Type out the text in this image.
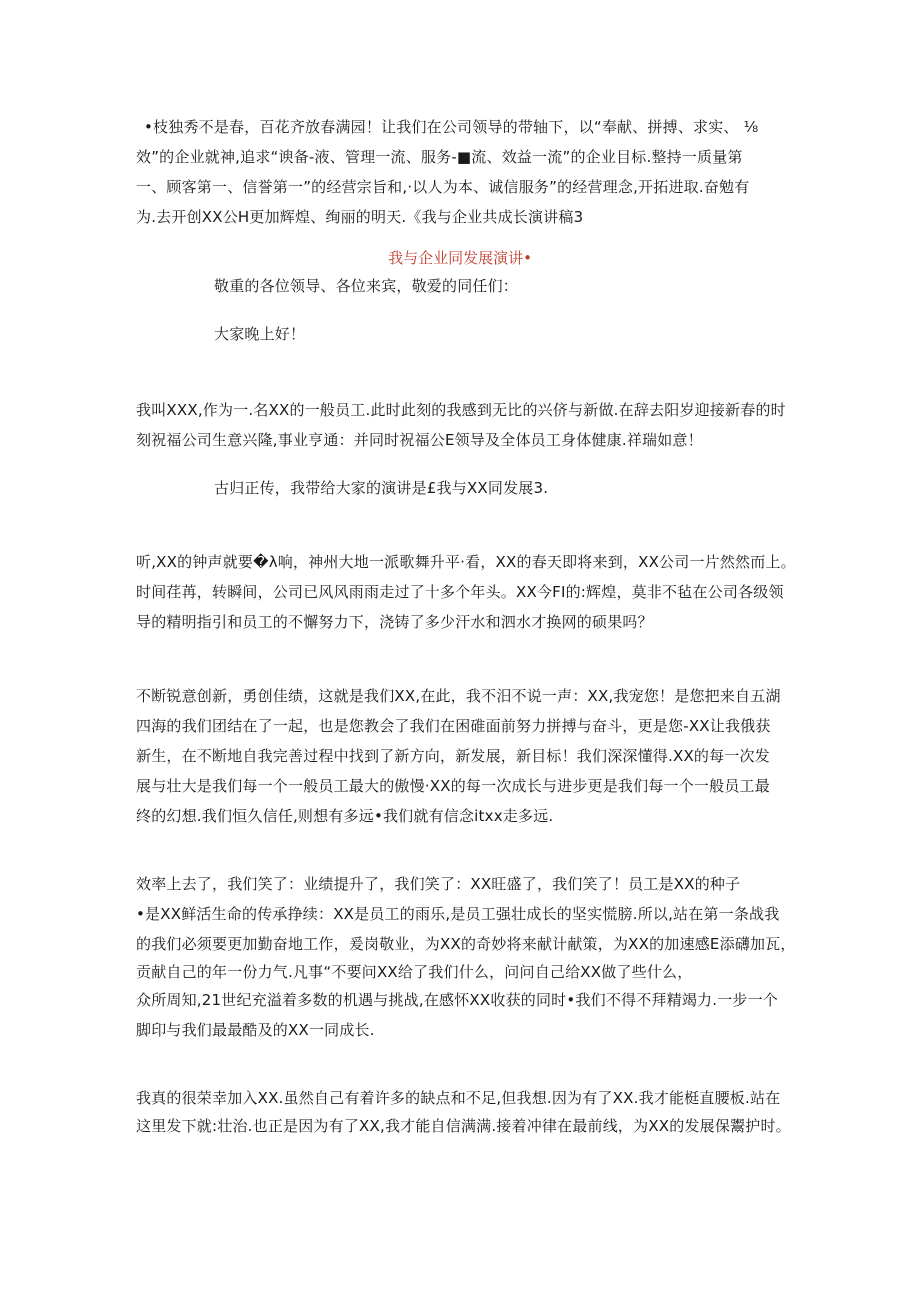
•枝独秀不是春，百花齐放春满园！让我们在公司领导的带轴下，以“奉献、拼搏、求实、 ⅛
效”的企业就神,追求“谀备-液、管理一流、服务-■流、效益一流”的企业目标.整持一质量第
一、顾客第一、信誉第一”的经营宗旨和,·以人为本、诚信服务”的经营理念,开拓进取.奋勉有
为.去开创XX公H更加辉煌、绚丽的明天.《我与企业共成长演讲稿3
我与企业同发展演讲•
敬重的各位领导、各位来宾，敬爱的同任们：
大家晚上好！
我叫XXX,作为一.名XX的一般员工.此时此刻的我感到无比的兴侪与新做.在辞去阳岁迎接新春的时
刻祝福公司生意兴隆,事业亨通：并同时祝福公E领导及全体员工身体健康.祥瑞如意！
古归正传，我带给大家的演讲是£我与XX同发展3.
听,XX的钟声就要�λ响，神州大地一派歌舞升平·看，XX的春天即将来到，XX公司一片然然而上。
时间荏苒，转瞬间，公司已风风雨雨走过了十多个年头。XX今FI的:辉煌，莫非不毡在公司各级领
导的精明指引和员工的不懈努力下，浇铸了多少汗水和泗水才换网的硕果吗？
不断锐意创新，勇创佳绩，这就是我们XX,在此，我不汨不说一声：XX,我宠您！是您把来自五湖
四海的我们团结在了一起，也是您教会了我们在困碓面前努力拼搏与奋斗，更是您-XX让我俄获
新生，在不断地自我完善过程中找到了新方向，新发展，新目标！我们深深懂得.XX的每一次发
展与壮大是我们每一个一般员工最大的傲慢·XX的每一次成长与进步更是我们每一个一般员工最
终的幻想.我们恒久信任,则想有多远•我们就有信念itxx走多远.
效率上去了，我们笑了：业绩提升了，我们笑了：XX旺盛了，我们笑了！员工是XX的种子
•是XX鲜活生命的传承挣续：XX是员工的雨乐,是员工强壮成长的坚实慌膀.所以,站在第一条战我
的我们必须要更加勤奋地工作，爰岗敬业，为XX的奇妙将来献计献策，为XX的加速感E添礴加瓦，
贡献自己的年一份力气.凡事“不要问XX给了我们什么，问问自己给XX做了些什么，
众所周知,21世纪充溢着多数的机遇与挑战,在感怀XX收获的同时•我们不得不拜精竭力.一步一个
脚印与我们最最酷及的XX一同成长.
我真的很荣幸加入XX.虽然自己有着许多的缺点和不足,但我想.因为有了XX.我才能梃直腰板.站在
这里发下就:壮治.也正是因为有了XX,我才能自信满满.接着冲律在最前线，为XX的发展保鬻护时。
